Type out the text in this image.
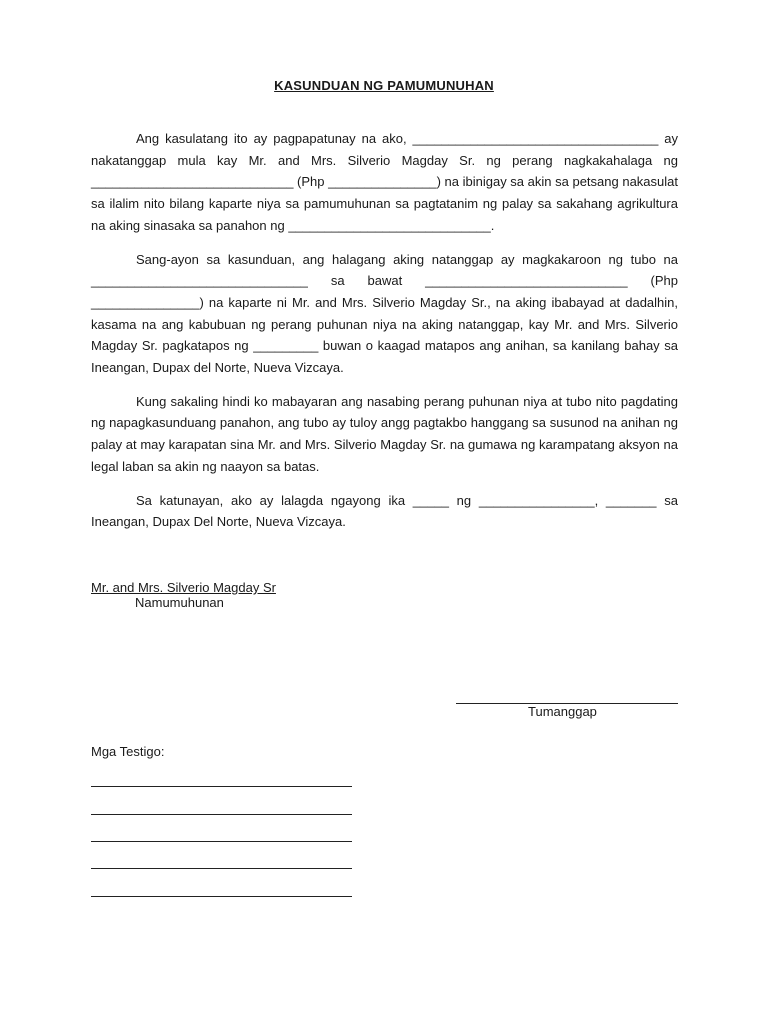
KASUNDUAN NG PAMUMUNUHAN

Ang kasulatang ito ay pagpapatunay na ako, __________________________________ ay nakatanggap mula kay Mr. and Mrs. Silverio Magday Sr. ng perang nagkakahalaga ng ____________________________ (Php _______________) na ibinigay sa akin sa petsang nakasulat sa ilalim nito bilang kaparte niya sa pamumuhunan sa pagtatanim ng palay sa sakahang agrikultura na aking sinasaka sa panahon ng ____________________________.

Sang-ayon sa kasunduan, ang halagang aking natanggap ay magkakaroon ng tubo na ______________________________ sa bawat ____________________________ (Php _______________) na kaparte ni Mr. and Mrs. Silverio Magday Sr., na aking ibabayad at dadalhin, kasama na ang kabubuan ng perang puhunan niya na aking natanggap, kay Mr. and Mrs. Silverio Magday Sr. pagkatapos ng _________ buwan o kaagad matapos ang anihan, sa kanilang bahay sa Ineangan, Dupax del Norte, Nueva Vizcaya.

Kung sakaling hindi ko mabayaran ang nasabing perang puhunan niya at tubo nito pagdating ng napagkasunduang panahon, ang tubo ay tuloy angg pagtakbo hanggang sa susunod na anihan ng palay at may karapatan sina Mr. and Mrs. Silverio Magday Sr. na gumawa ng karampatang aksyon na legal laban sa akin ng naayon sa batas.

Sa katunayan, ako ay lalagda ngayong ika _____ ng ________________, _______ sa Ineangan, Dupax Del Norte, Nueva Vizcaya.

Mr. and Mrs. Silverio Magday Sr
Namumuhunan
Tumanggap
Mga Testigo:
